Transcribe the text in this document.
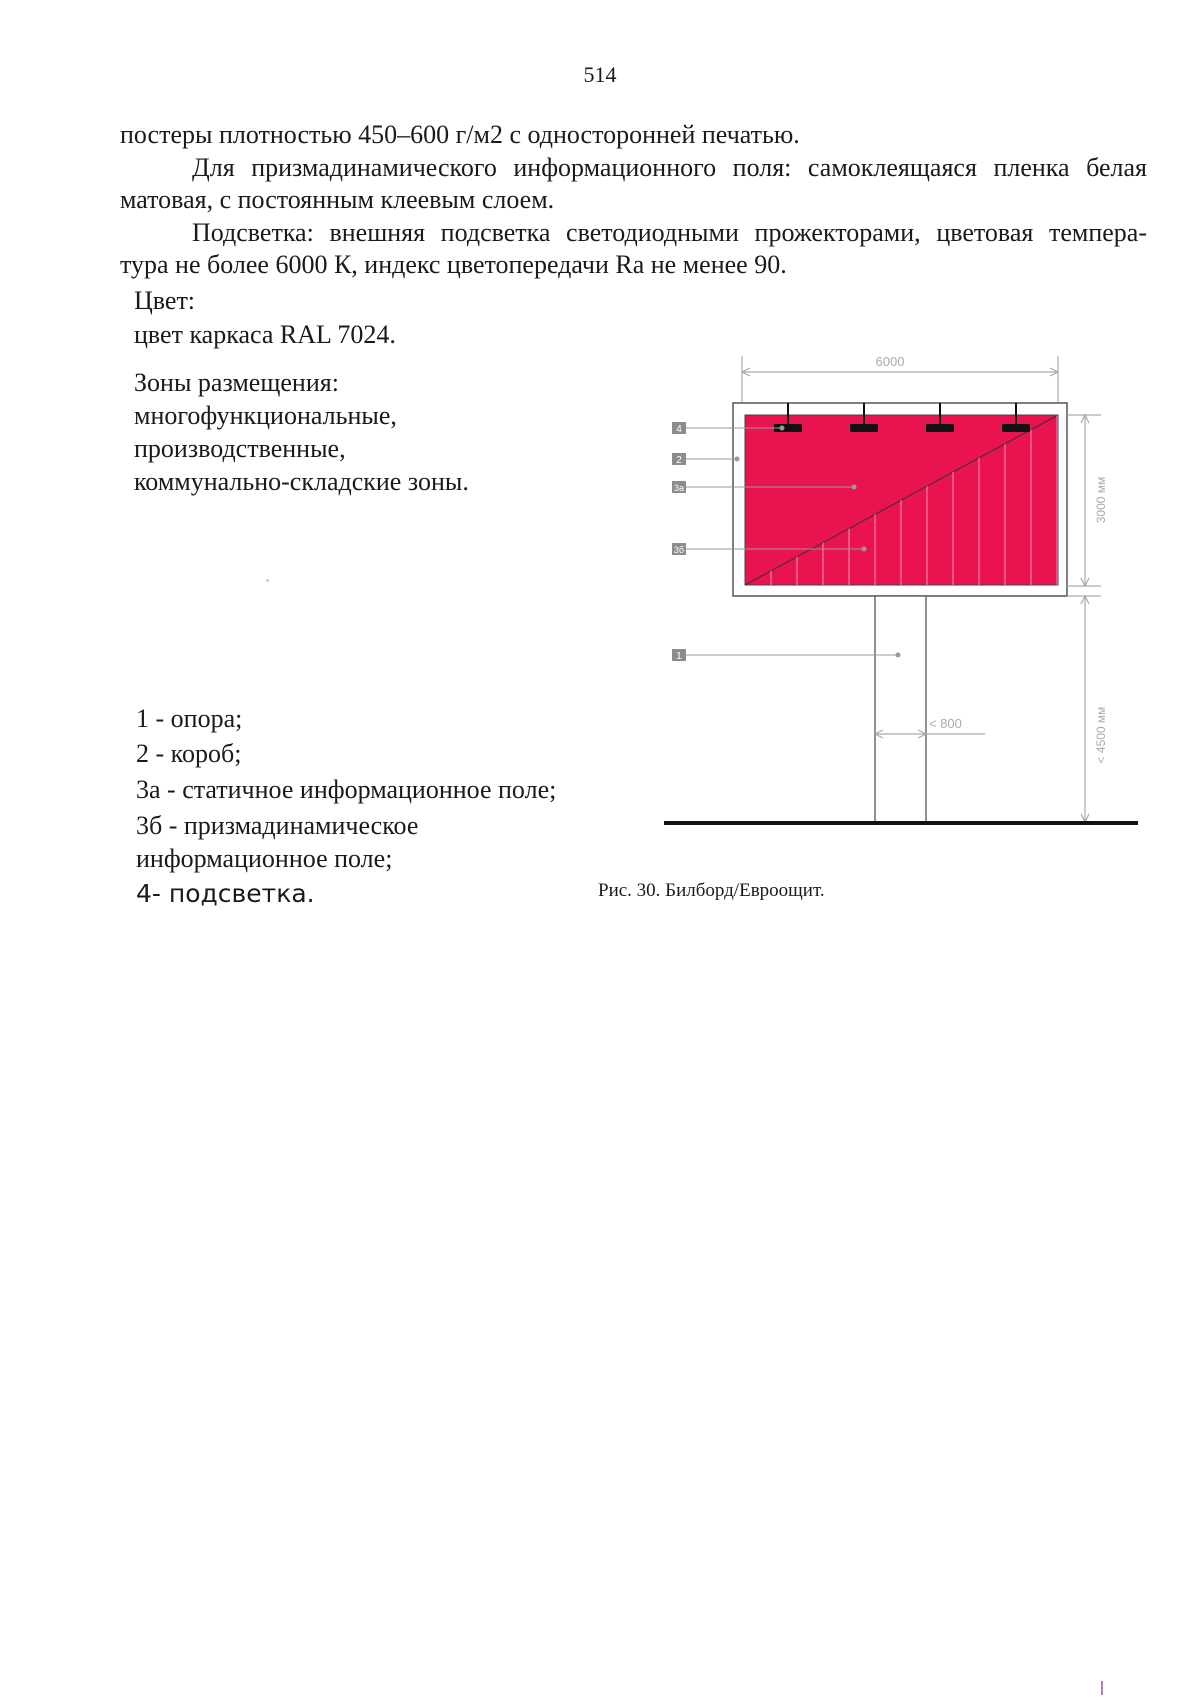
514

постеры плотностью 450–600 г/м2 с односторонней печатью.

Для призмадинамического информационного поля: самоклеящаяся пленка белая матовая, с постоянным клеевым слоем.

Подсветка: внешняя подсветка светодиодными прожекторами, цветовая темпера- тура не более 6000 К, индекс цветопередачи Ra не менее 90.

Цвет:
цвет каркаса RAL 7024.
Зоны размещения:
многофункциональные,
производственные,
коммунально-складские зоны.
1 - опора;
2 - короб;
3а - статичное информационное поле;
3б - призмадинамическое
информационное поле;
4- подсветка.
6000
3000 мм
< 800	< 4500 мм
4
2
3а
3б
1
Рис. 30. Билборд/Евроощит.
